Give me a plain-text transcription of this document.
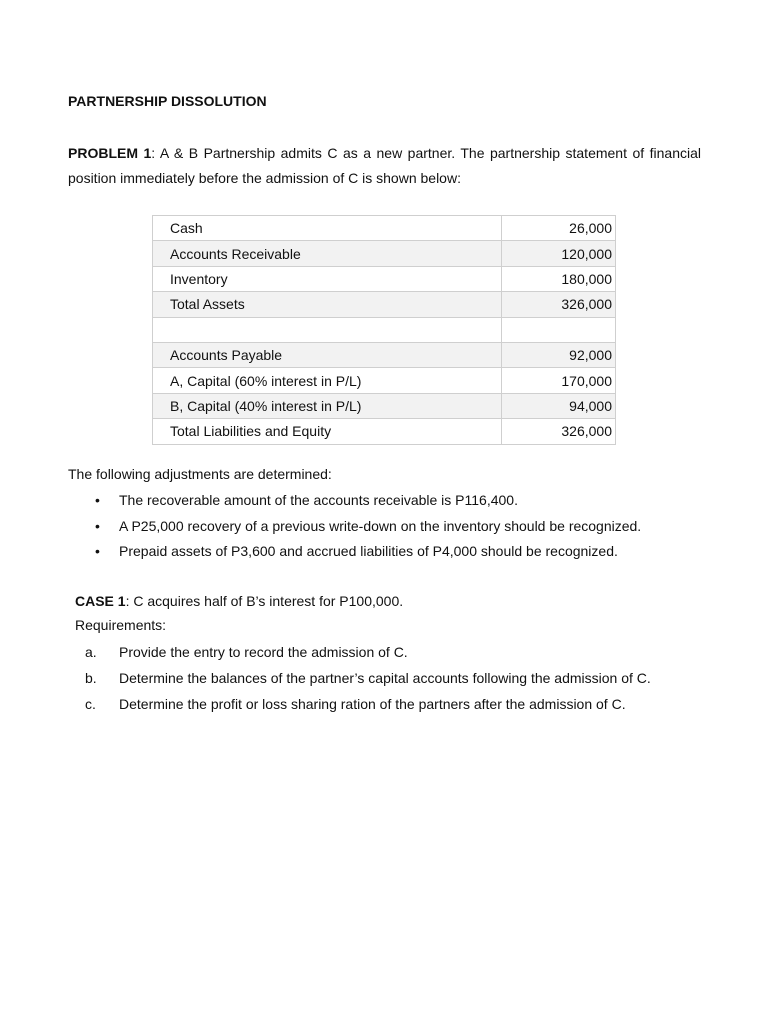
PARTNERSHIP DISSOLUTION
PROBLEM 1: A & B Partnership admits C as a new partner. The partnership statement of financial position immediately before the admission of C is shown below:
Cash	26,000
Accounts Receivable	120,000
Inventory	180,000
Total Assets	326,000

Accounts Payable	92,000
A, Capital (60% interest in P/L)	170,000
B, Capital (40% interest in P/L)	94,000
Total Liabilities and Equity	326,000
The following adjustments are determined:
• The recoverable amount of the accounts receivable is P116,400.
• A P25,000 recovery of a previous write-down on the inventory should be recognized.
• Prepaid assets of P3,600 and accrued liabilities of P4,000 should be recognized.
CASE 1: C acquires half of B’s interest for P100,000.
Requirements:
a. Provide the entry to record the admission of C.
b. Determine the balances of the partner’s capital accounts following the admission of C.
c. Determine the profit or loss sharing ration of the partners after the admission of C.
